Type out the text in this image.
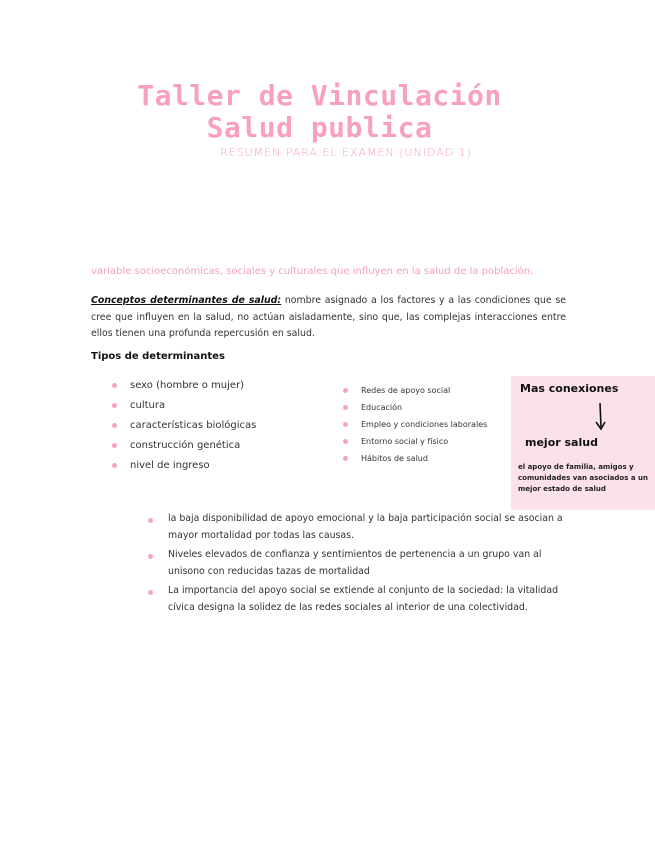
Taller de Vinculación
Salud publica
RESUMEN PARA EL EXAMEN (UNIDAD 1)
variable socioeconómicas, sociales y culturales que influyen en la salud de la población.
Conceptos determinantes de salud: nombre asignado a los factores y a las condiciones que se cree que influyen en la salud, no actúan aisladamente, sino que, las complejas interacciones entre ellos tienen una profunda repercusión en salud.
Tipos de determinantes
sexo (hombre o mujer)
cultura
características biológicas
construcción genética
nivel de ingreso
Redes de apoyo social
Educación
Empleo y condiciones laborales
Entorno social y físico
Hábitos de salud
Mas conexiones
mejor salud
el apoyo de familia, amigos y comunidades van asociados a un mejor estado de salud
la baja disponibilidad de apoyo emocional y la baja participación social se asocian a mayor mortalidad por todas las causas.
Niveles elevados de confianza y sentimientos de pertenencia a un grupo van al unisono con reducidas tazas de mortalidad
La importancia del apoyo social se extiende al conjunto de la sociedad: la vitalidad cívica designa la solidez de las redes sociales al interior de una colectividad.
